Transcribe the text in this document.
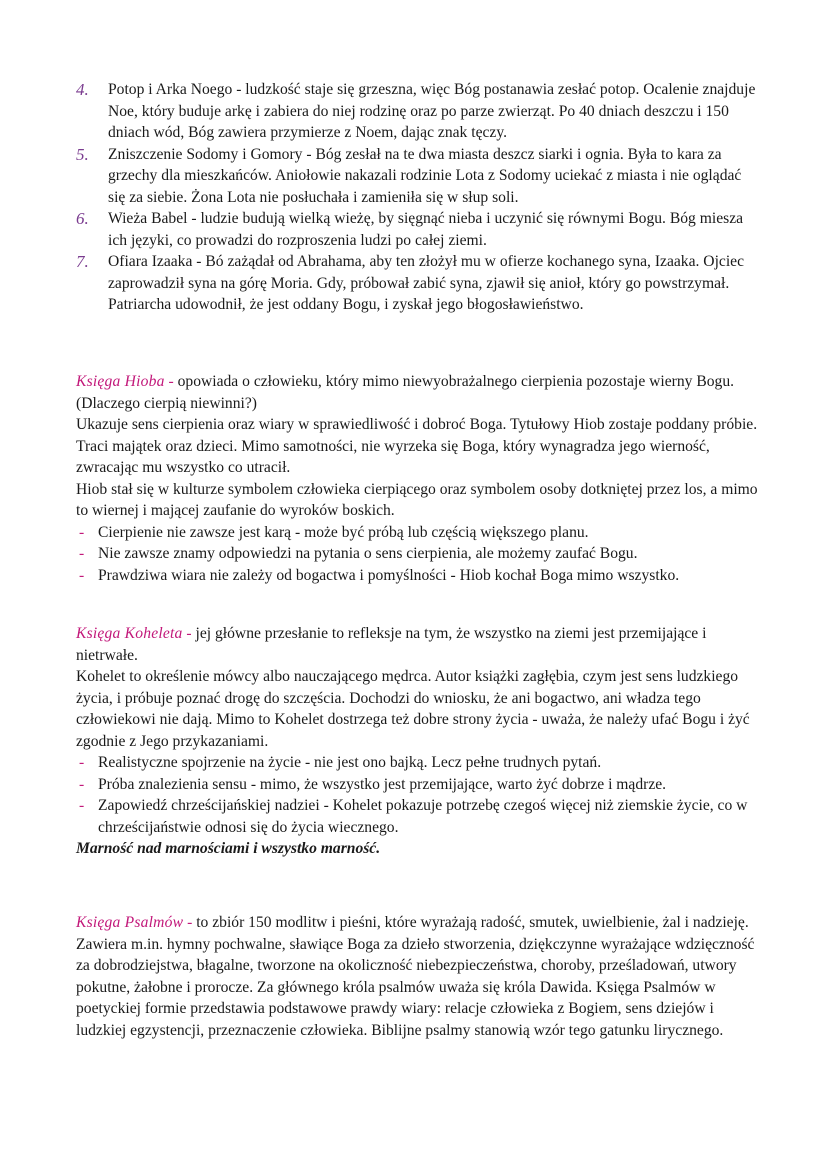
4. Potop i Arka Noego - ludzkość staje się grzeszna, więc Bóg postanawia zesłać potop. Ocalenie znajduje Noe, który buduje arkę i zabiera do niej rodzinę oraz po parze zwierząt. Po 40 dniach deszczu i 150 dniach wód, Bóg zawiera przymierze z Noem, dając znak tęczy.

5. Zniszczenie Sodomy i Gomory - Bóg zesłał na te dwa miasta deszcz siarki i ognia. Była to kara za grzechy dla mieszkańców. Aniołowie nakazali rodzinie Lota z Sodomy uciekać z miasta i nie oglądać się za siebie. Żona Lota nie posłuchała i zamieniła się w słup soli.

6. Wieża Babel - ludzie budują wielką wieżę, by sięgnąć nieba i uczynić się równymi Bogu. Bóg miesza ich języki, co prowadzi do rozproszenia ludzi po całej ziemi.

7. Ofiara Izaaka - Bó zażądał od Abrahama, aby ten złożył mu w ofierze kochanego syna, Izaaka. Ojciec zaprowadził syna na górę Moria. Gdy, próbował zabić syna, zjawił się anioł, który go powstrzymał. Patriarcha udowodnił, że jest oddany Bogu, i zyskał jego błogosławieństwo.

Księga Hioba - opowiada o człowieku, który mimo niewyobrażalnego cierpienia pozostaje wierny Bogu. (Dlaczego cierpią niewinni?)

Ukazuje sens cierpienia oraz wiary w sprawiedliwość i dobroć Boga. Tytułowy Hiob zostaje poddany próbie. Traci majątek oraz dzieci. Mimo samotności, nie wyrzeka się Boga, który wynagradza jego wierność, zwracając mu wszystko co utracił.

Hiob stał się w kulturze symbolem człowieka cierpiącego oraz symbolem osoby dotkniętej przez los, a mimo to wiernej i mającej zaufanie do wyroków boskich.

- Cierpienie nie zawsze jest karą - może być próbą lub częścią większego planu.
- Nie zawsze znamy odpowiedzi na pytania o sens cierpienia, ale możemy zaufać Bogu.
- Prawdziwa wiara nie zależy od bogactwa i pomyślności - Hiob kochał Boga mimo wszystko.

Księga Koheleta - jej główne przesłanie to refleksje na tym, że wszystko na ziemi jest przemijające i nietrwałe.

Kohelet to określenie mówcy albo nauczającego mędrca. Autor książki zagłębia, czym jest sens ludzkiego życia, i próbuje poznać drogę do szczęścia. Dochodzi do wniosku, że ani bogactwo, ani władza tego człowiekowi nie dają. Mimo to Kohelet dostrzega też dobre strony życia - uważa, że należy ufać Bogu i żyć zgodnie z Jego przykazaniami.

- Realistyczne spojrzenie na życie - nie jest ono bajką. Lecz pełne trudnych pytań.
- Próba znalezienia sensu - mimo, że wszystko jest przemijające, warto żyć dobrze i mądrze.
- Zapowiedź chrześcijańskiej nadziei - Kohelet pokazuje potrzebę czegoś więcej niż ziemskie życie, co w chrześcijaństwie odnosi się do życia wiecznego.

Marność nad marnościami i wszystko marność.

Księga Psalmów - to zbiór 150 modlitw i pieśni, które wyrażają radość, smutek, uwielbienie, żal i nadzieję. Zawiera m.in. hymny pochwalne, sławiące Boga za dzieło stworzenia, dziękczynne wyrażające wdzięczność za dobrodziejstwa, błagalne, tworzone na okoliczność niebezpieczeństwa, choroby, prześladowań, utwory pokutne, żałobne i prorocze. Za głównego króla psalmów uważa się króla Dawida. Księga Psalmów w poetyckiej formie przedstawia podstawowe prawdy wiary: relacje człowieka z Bogiem, sens dziejów i ludzkiej egzystencji, przeznaczenie człowieka. Biblijne psalmy stanowią wzór tego gatunku lirycznego.
